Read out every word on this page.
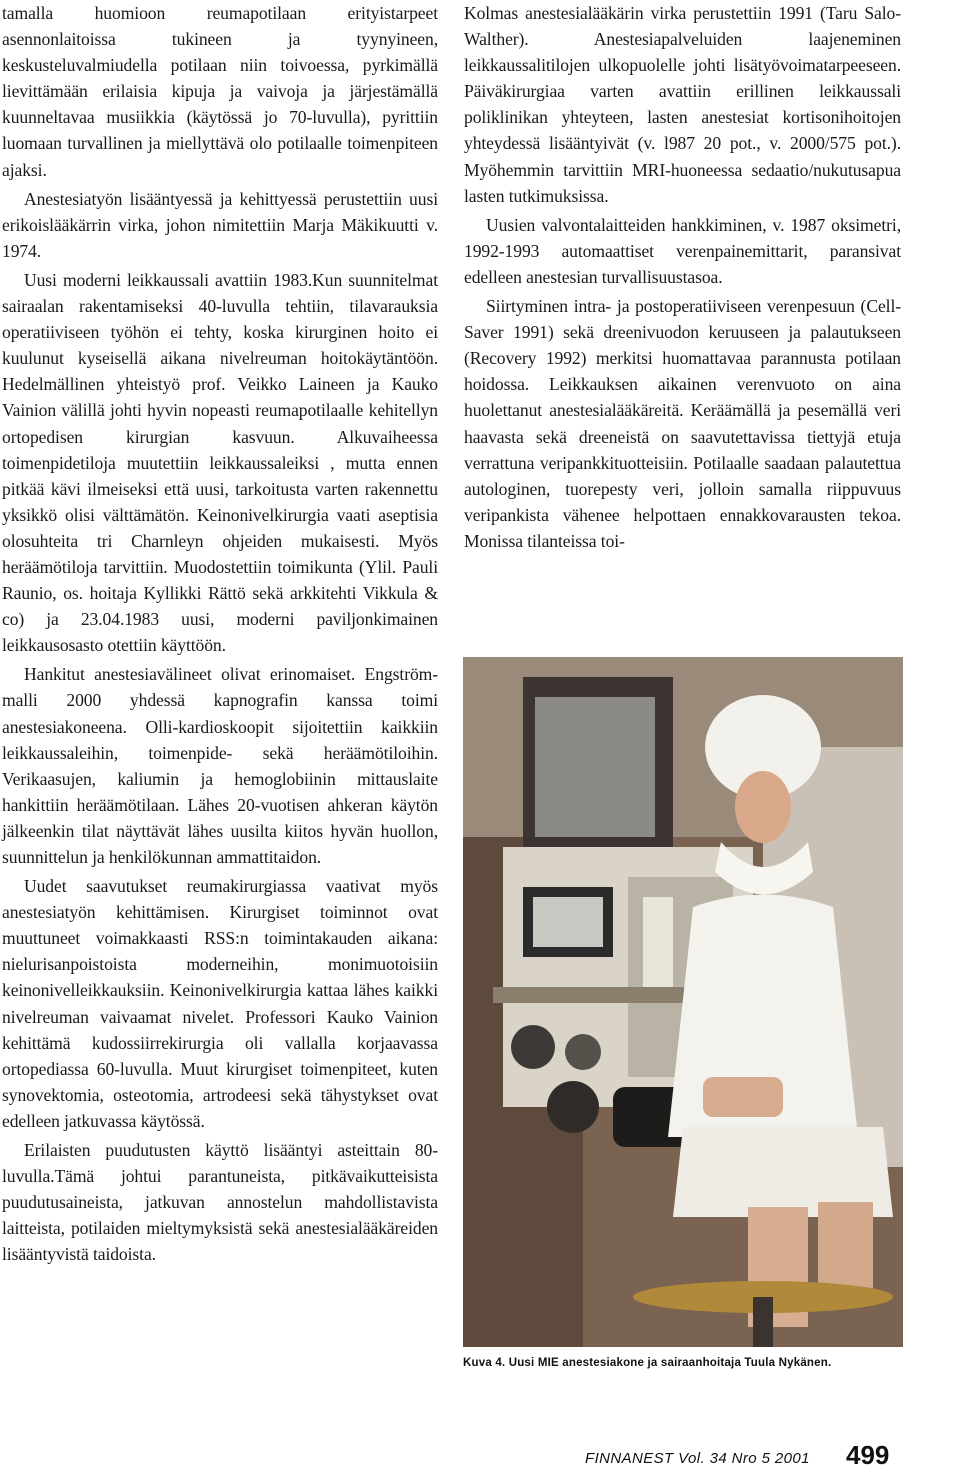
tamalla huomioon reumapotilaan erityistarpeet asennonlaitoissa tukineen ja tyynyineen, keskusteluvalmiudella potilaan niin toivoessa, pyrkimällä lievittämään erilaisia kipuja ja vaivoja ja järjestämällä kuunneltavaa musiikkia (käytössä jo 70-luvulla), pyrittiin luomaan turvallinen ja miellyttävä olo potilaalle toimenpiteen ajaksi.

Anestesiatyön lisääntyessä ja kehittyessä perustettiin uusi erikoislääkärrin virka, johon nimitettiin Marja Mäkikuutti v. 1974.

Uusi moderni leikkaussali avattiin 1983.Kun suunnitelmat sairaalan rakentamiseksi 40-luvulla tehtiin, tilavarauksia operatiiviseen työhön ei tehty, koska kirurginen hoito ei kuulunut kyseisellä aikana nivelreuman hoitokäytäntöön. Hedelmällinen yhteistyö prof. Veikko Laineen ja Kauko Vainion välillä johti hyvin nopeasti reumapotilaalle kehitellyn ortopedisen kirurgian kasvuun. Alkuvaiheessa toimenpidetiloja muutettiin leikkaussaleiksi , mutta ennen pitkää kävi ilmeiseksi että uusi, tarkoitusta varten rakennettu yksikkö olisi välttämätön. Keinonivelkirurgia vaati aseptisia olosuhteita tri Charnleyn ohjeiden mukaisesti. Myös heräämötiloja tarvittiin. Muodostettiin toimikunta (Ylil. Pauli Raunio, os. hoitaja Kyllikki Rättö sekä arkkitehti Vikkula & co) ja 23.04.1983 uusi, moderni paviljonkimainen leikkausosasto otettiin käyttöön.

Hankitut anestesiavälineet olivat erinomaiset. Engström-malli 2000 yhdessä kapnografin kanssa toimi anestesiakoneena. Olli-kardioskoopit sijoitettiin kaikkiin leikkaussaleihin, toimenpide- sekä heräämötiloihin. Verikaasujen, kaliumin ja hemoglobiinin mittauslaite hankittiin heräämötilaan. Lähes 20-vuotisen ahkeran käytön jälkeenkin tilat näyttävät lähes uusilta kiitos hyvän huollon, suunnittelun ja henkilökunnan ammattitaidon.

Uudet saavutukset reumakirurgiassa vaativat myös anestesiatyön kehittämisen. Kirurgiset toiminnot ovat muuttuneet voimakkaasti RSS:n toimintakauden aikana: nielurisanpoistoista moderneihin, monimuotoisiin keinonivelleikkauksiin. Keinonivelkirurgia kattaa lähes kaikki nivelreuman vaivaamat nivelet. Professori Kauko Vainion kehittämä kudossiirrekirurgia oli vallalla korjaavassa ortopediassa 60-luvulla. Muut kirurgiset toimenpiteet, kuten synovektomia, osteotomia, artrodeesi sekä tähystykset ovat edelleen jatkuvassa käytössä.

Erilaisten puudutusten käyttö lisääntyi asteittain 80-luvulla.Tämä johtui parantuneista, pitkävaikutteisista puudutusaineista, jatkuvan annostelun mahdollistavista laitteista, potilaiden mieltymyksistä sekä anestesialääkäreiden lisääntyvistä taidoista.

Kolmas anestesialääkärin virka perustettiin 1991 (Taru Salo-Walther). Anestesiapalveluiden laajeneminen leikkaussalitilojen ulkopuolelle johti lisätyövoimatarpeeseen. Päiväkirurgiaa varten avattiin erillinen leikkaussali poliklinikan yhteyteen, lasten anestesiat kortisonihoitojen yhteydessä lisääntyivät (v. l987 20 pot., v. 2000/575 pot.). Myöhemmin tarvittiin MRI-huoneessa sedaatio/nukutusapua lasten tutkimuksissa.

Uusien valvontalaitteiden hankkiminen, v. 1987 oksimetri, 1992-1993 automaattiset verenpainemittarit, paransivat edelleen anestesian turvallisuustasoa.

Siirtyminen intra- ja postoperatiiviseen verenpesuun (Cell-Saver 1991) sekä dreenivuodon keruuseen ja palautukseen (Recovery 1992) merkitsi huomattavaa parannusta potilaan hoidossa. Leikkauksen aikainen verenvuoto on aina huolettanut anestesialääkäreitä. Keräämällä ja pesemällä veri haavasta sekä dreeneistä on saavutettavissa tiettyjä etuja verrattuna veripankkituotteisiin. Potilaalle saadaan palautettua autologinen, tuorepesty veri, jolloin samalla riippuvuus veripankista vähenee helpottaen ennakkovarausten tekoa. Monissa tilanteissa toi-

Kuva 4. Uusi MIE anestesiakone ja sairaanhoitaja Tuula Nykänen.
FINNANEST Vol. 34 Nro 5 2001 499
